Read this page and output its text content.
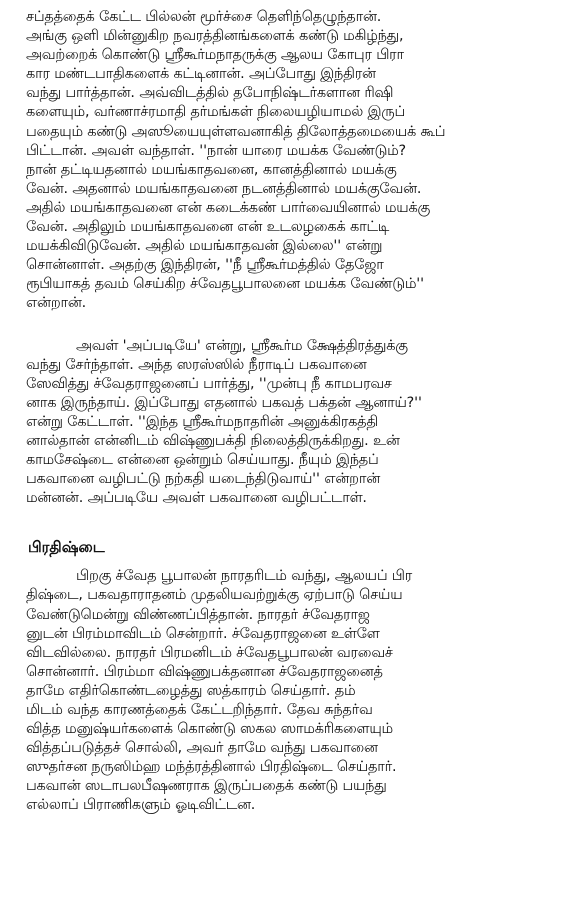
சப்தத்தைக் கேட்ட பில்லன் மூர்ச்சை தெளிந்தெழுந்தான்.
அங்கு ஒளி மின்னுகிற நவரத்தினங்களைக் கண்டு மகிழ்ந்து,
அவற்றைக் கொண்டு ஸ்ரீகூர்மநாதருக்கு ஆலய கோபுர பிரா
கார மண்டபாதிகளைக் கட்டினான். அப்போது இந்திரன்
வந்து பார்த்தான். அவ்விடத்தில் தபோநிஷ்டர்களான ரிஷி
களையும், வர்ணாச்ரமாதி தர்மங்கள் நிலையழியாமல் இருப்
பதையும் கண்டு அஸூயையுள்ளவனாகித் திலோத்தமையைக் கூப்
பிட்டான். அவள் வந்தாள். ''நான் யாரை மயக்க வேண்டும்?
நான் தட்டியதனால் மயங்காதவனை, கானத்தினால் மயக்கு
வேன். அதனால் மயங்காதவனை நடனத்தினால் மயக்குவேன்.
அதில் மயங்காதவனை என் கடைக்கண் பார்வையினால் மயக்கு
வேன். அதிலும் மயங்காதவனை என் உடலழகைக் காட்டி
மயக்கிவிடுவேன். அதில் மயங்காதவன் இல்லை'' என்று
சொன்னாள். அதற்கு இந்திரன், ''நீ ஸ்ரீகூர்மத்தில் தேஜோ
ரூபியாகத் தவம் செய்கிற ச்வேதபூபாலனை மயக்க வேண்டும்''
என்றான்.
அவள் 'அப்படியே' என்று, ஸ்ரீகூர்ம க்ஷேத்திரத்துக்கு
வந்து சேர்ந்தாள். அந்த ஸரஸ்ஸில் நீராடிப் பகவானை
ஸேவித்து ச்வேதராஜனைப் பார்த்து, ''முன்பு நீ காமபரவச
னாக இருந்தாய். இப்போது எதனால் பகவத் பக்தன் ஆனாய்?''
என்று கேட்டாள். ''இந்த ஸ்ரீகூர்மநாதரின் அனுக்கிரகத்தி
னால்தான் என்னிடம் விஷ்ணுபக்தி நிலைத்திருக்கிறது. உன்
காமசேஷ்டை என்னை ஒன்றும் செய்யாது. நீயும் இந்தப்
பகவானை வழிபட்டு நற்கதி யடைந்திடுவாய்'' என்றான்
மன்னன். அப்படியே அவள் பகவானை வழிபட்டாள்.
பிரதிஷ்டை
பிறகு ச்வேத பூபாலன் நாரதரிடம் வந்து, ஆலயப் பிர
திஷ்டை, பகவதாராதனம் முதலியவற்றுக்கு ஏற்பாடு செய்ய
வேண்டுமென்று விண்ணப்பித்தான். நாரதர் ச்வேதராஜ
னுடன் பிரம்மாவிடம் சென்றார். ச்வேதராஜனை உள்ளே
விடவில்லை. நாரதர் பிரமனிடம் ச்வேதபூபாலன் வரவைச்
சொன்னார். பிரம்மா விஷ்ணுபக்தனான ச்வேதராஜனைத்
தாமே எதிர்கொண்டழைத்து ஸத்காரம் செய்தார். தம்
மிடம் வந்த காரணத்தைக் கேட்டறிந்தார். தேவ சுந்தர்வ
வித்த மனுஷ்யர்களைக் கொண்டு ஸகல ஸாமக்ரிகளையும்
வித்தப்படுத்தச் சொல்லி, அவர் தாமே வந்து பகவானை
ஸுதர்சன நருஸிம்ஹ மந்த்ரத்தினால் பிரதிஷ்டை செய்தார்.
பகவான் ஸடாபலபீஷணராக இருப்பதைக் கண்டு பயந்து
எல்லாப் பிராணிகளும் ஓடிவிட்டன.
